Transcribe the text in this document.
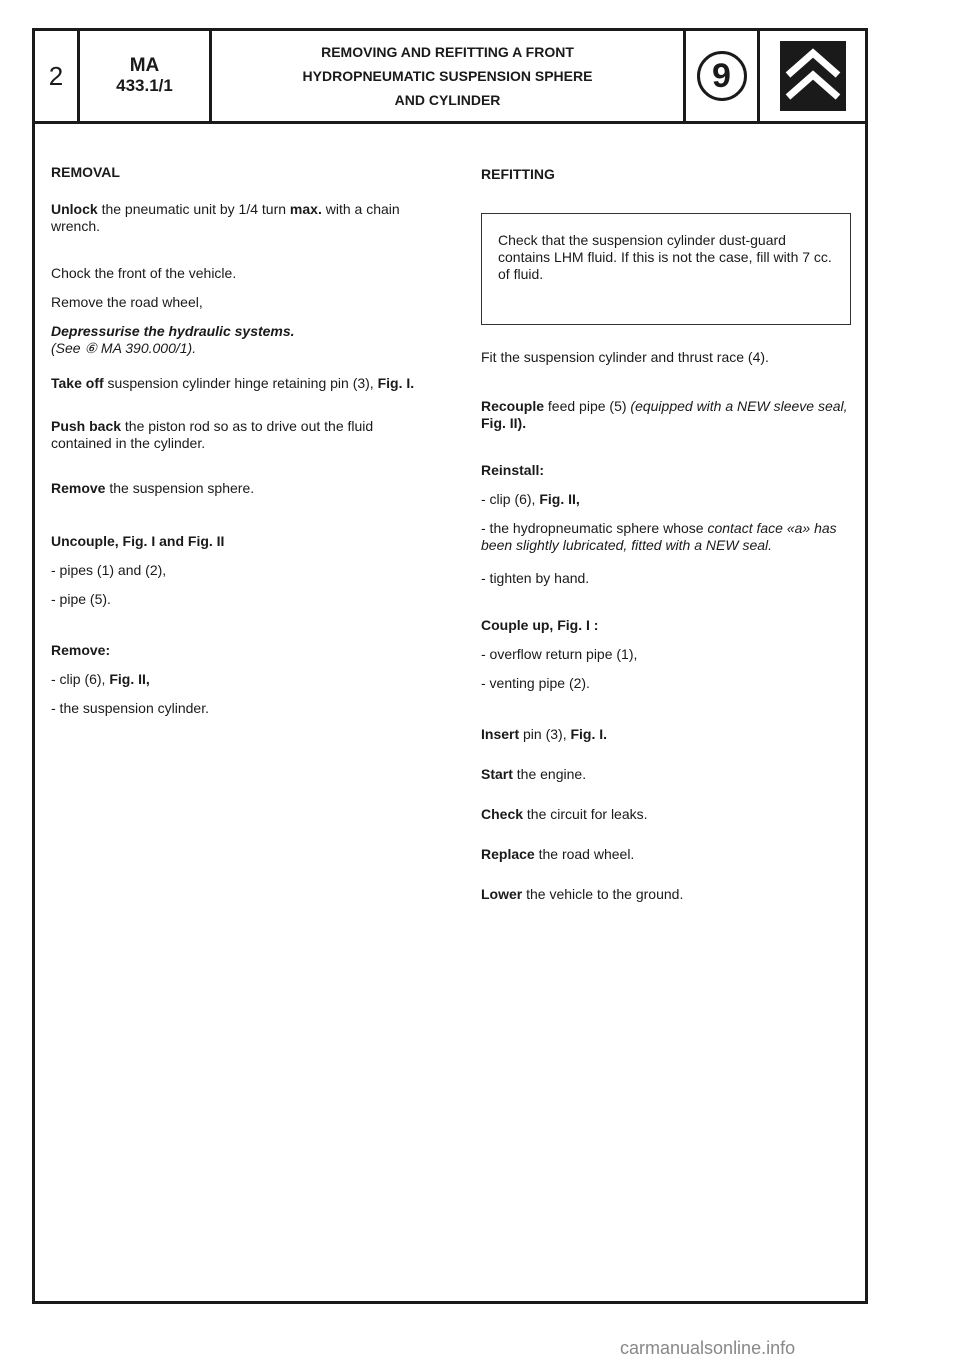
2	MA
433.1/1
REMOVING AND REFITTING A FRONT
HYDROPNEUMATIC SUSPENSION SPHERE
AND CYLINDER
9

REMOVAL

Unlock the pneumatic unit by 1/4 turn max. with a chain wrench.

Chock the front of the vehicle.

Remove the road wheel,

Depressurise the hydraulic systems.
(See ⑥ MA 390.000/1).

Take off suspension cylinder hinge retaining pin (3), Fig. I.

Push back the piston rod so as to drive out the fluid contained in the cylinder.

Remove the suspension sphere.

Uncouple, Fig. I and Fig. II

- pipes (1) and (2),

- pipe (5).

Remove:

- clip (6), Fig. II,

- the suspension cylinder.

REFITTING

Check that the suspension cylinder dust-guard contains LHM fluid. If this is not the case, fill with 7 cc. of fluid.

Fit the suspension cylinder and thrust race (4).

Recouple feed pipe (5) (equipped with a NEW sleeve seal, Fig. II).

Reinstall:

- clip (6), Fig. II,

- the hydropneumatic sphere whose contact face «a» has been slightly lubricated, fitted with a NEW seal.

- tighten by hand.

Couple up, Fig. I :

- overflow return pipe (1),

- venting pipe (2).

Insert pin (3), Fig. I.

Start the engine.

Check the circuit for leaks.

Replace the road wheel.

Lower the vehicle to the ground.

carmanualsonline.info
